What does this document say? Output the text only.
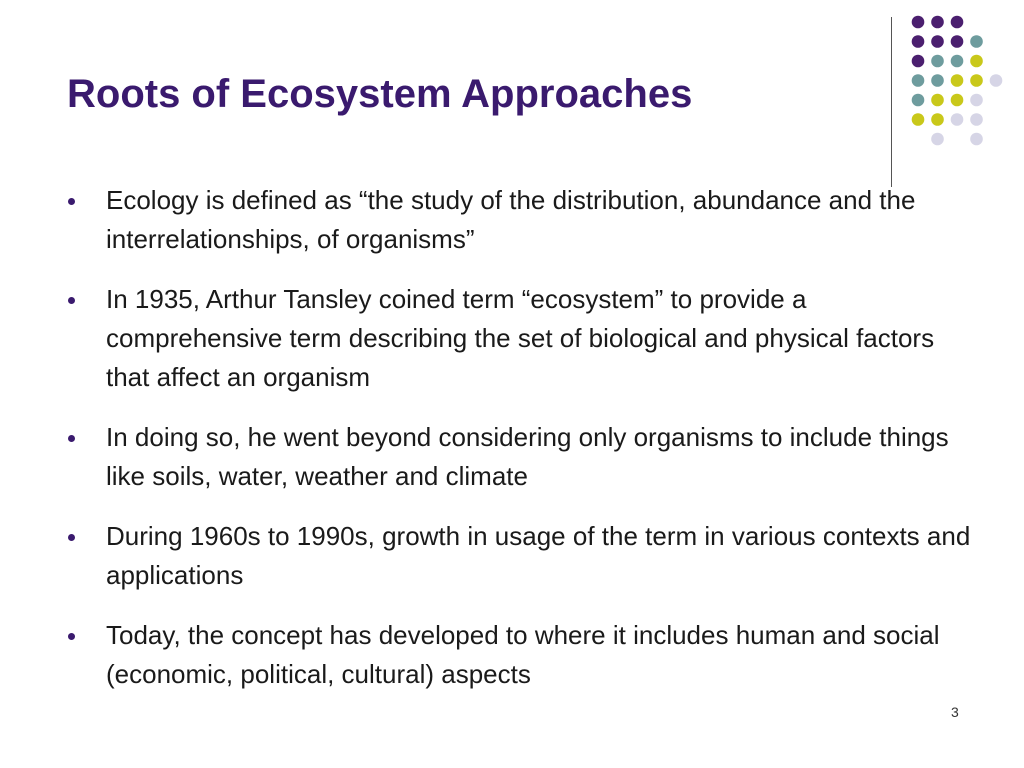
Roots of Ecosystem Approaches
Ecology is defined as “the study of the distribution, abundance and the interrelationships, of organisms”
In 1935, Arthur Tansley coined term “ecosystem” to provide a comprehensive term describing the set of biological and physical factors that affect an organism
In doing so, he went beyond considering only organisms to include things like soils, water, weather and climate
During 1960s to 1990s, growth in usage of the term in various contexts and applications
Today, the concept has developed to where it includes human and social (economic, political, cultural) aspects
3
